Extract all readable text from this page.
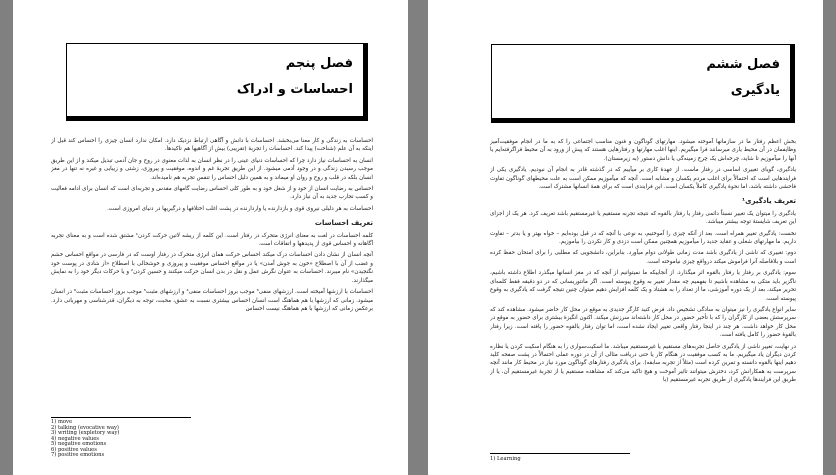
فصل پنجم
احساسات و ادراک

احساسات به زندگی و کار معنا می‌بخشد. احساسات با دانش و آگاهی ارتباط نزدیک دارد. امکان ندارد انسان چیزی را احساس کند قبل از اینکه به آن علم (شناخت) پیدا کند. احساسات را تجربهٔ (تقریبی) بیش از آگاهیها هم تاکید‌ها.

انسان به احساسات نیاز دارد چرا که احساسات دنیای عینی را در نظر انسان به لذات معنوی در روح و جان آدمی تبدیل میکند و از این طریق موجب رسیدن زندگی و در وجود آدمی میشود. از این طریق تجربهٔ غم و اندوه، موفقیت و پیروزی، زشتی و زیبایی و غیره نه تنها در مغز انسان بلکه در قلب و روح و روان او میماند و به همین دلیل احساس را تنفس تجربه هم نامیده‌اند.

احساس به رضایت انسان از خود و از شغل خود و به طور کلی احساس رضایت گامهای مقدس و تجربه‌ای است که انسان برای ادامه فعالیت و کسب تجارب جدید به آن نیاز دارد.

احساسات به هر دلیلی نیروی قوی و بازدارنده یا واردارنده در پشت اغلب اختلافها و درگیریها در دنیای امروزی است.

تعریف احساسات

کلمه احساسات در لغت به معنای انرژی متحرک در رفتار است. این کلمه از ریشه لاتین حرکت کردن¹ مشتق شده است و به معنای تجربه آگاهانه و احساس قوی از پدیدهها و اتفاقات است.

آنچه انسان از نشان دادن احساسات درک میکند احساس حرکت همان انرژی متحرک در رفتار اوست که در فارسی در مواقع احساس خشم و غضب از آن با اصطلاح «خون به جوش آمدن» یا در مواقع احساس موفقیت و پیروزی و خوشحالی با اصطلاح «از شادی در پوست خود نگنجیدن» نام میبرند. احساسات به عنوان نگرش عمل و نقل در بدن انسان حرکت میکنند و حسین کردن² و یا حرکات دیگر خود را به نمایش میگذارند.

احساسات با ارزشها آمیخته است. ارزشهای منفی³ موجب بروز احساسات منفی⁴ و ارزشهای مثبت⁵ موجب بروز احساسات مثبت⁶ در انسان میشود. زمانی که ارزشها با هم هماهنگ است انسان احساس بیشتری نسبت به عشق، محبت، توجه به دیگران، قدرشناسی و مهربانی دارد. برعکس زمانی که ارزشها با هم هماهنگ نیست احساس

1) move
2) talking (evocative way)
3) writing (expletory way)
4) negative values
5) negative emotions
6) positive values
7) positive emotions
فصل ششم
یادگیری

بخش اعظم رفتار ما در سازمانها آموخته میشود. مهارتهای گوناگون و فنون مناسب اجتماعی را که به ما در انجام موفقیت‌آمیز وظایفمان در آن محیط یاری میرسانند فرا میگیریم. اینها اغلب مهارتها و رفتارهایی هستند که پیش از ورود به آن محیط فراگرفته‌ایم یا آنها را میآموزیم تا شاید، چرخه‌اش یک چرخ زمینه‌گی یا دانش دستور (به زیرمستان).

یادگیری، گویای تغییری اساسی در رفتار ماست. از عهدهٔ کاری بر میآییم که در گذشته قادر به انجام آن نبودیم. یادگیری یکی از فرایندهایی است که احتمالاً برای اغلب مردم یکسان و مشابه است. آنچه که میآموزیم ممکن است به علت محیطهای گوناگون تفاوت فاحشی داشته باشد، اما نحوهٔ یادگیری کاملاً یکسان است. این فرایندی است که برای همهٔ انسانها مشترک است.

تعریف یادگیری¹

یادگیری را میتوان یک تغییر نسبتاً دائمی رفتار یا رفتار بالقوه که نتیجه تجربه مستقیم یا غیرمستقیم باشد تعریف کرد. هر یک از اجزای این تعریف شایستهٔ توجه بیشتر میباشد.

نخست: یادگیری تغییر همراه است. بعد از آنکه چیزی را آموختیم، به نوعی با آنچه که در قبل بوده‌ایم – خواه بهتر و یا بدتر – تفاوت داریم. ما مهارتهای شغلی و عقاید جدید را میآموزیم همچنین ممکن است دزدی و کار نکردن را بیاموزیم.

دوم: تغییری که ناشی از یادگیری باشد مدت زمانی طولانی دوام میآورد. بنابراین، دانشجویی که مطلبی را برای امتحان حفظ کرده است و بلافاصله آنرا فراموش میکند درواقع چیزی نیاموخته است.

سوم: یادگیری بر رفتار یا رفتار بالقوه اثر میگذارد. از آنجاییکه ما نمیتوانیم از آنچه که در مغز انسانها میگذرد اطلاع داشته باشیم، ناگزیر باید متکی به مشاهده باشیم تا بفهمیم چه مقدار تغییر به وقوع پیوسته است. اگر مانتوریسانی که در دو دقیقه فقط کلمه‌ای تحریر میکند، بعد از یک دوره آموزشی، ما از تعداد را به هشتاد و یک کلمه افزایش دهیم میتوان چنین نتیجه گرفت که یادگیری به وقوع پیوسته است.

سایر انواع یادگیری را نیز میتوان به سادگی تشخیص داد. فرض کنید کارگر جدیدی به موقع در محل کار حاضر میشود. مشاهده کند که سرپرستش بعضی از کارگران را که با تأخیر حضور در محل کار داشته‌اند سرزنش میکند. اکنون انگیزهٔ بیشتری برای حضور به موقع در محل کار خواهد داشت. هر چند در اینجا رفتار واقعی تغییر ایجاد نشده است، اما توان رفتار بالقوه حضور را یافته است. زیرا رفتار بالقوهٔ حضور را کامل یافته است.

در نهایت، تغییر ناشی از یادگیری حاصل تجربه‌های مستقیم یا غیرمستقیم میباشد. ما اسکیت‌سواری را به هنگام اسکیت کردن یا نظاره کردن دیگران یاد میگیریم. ما به کسب موفقیت در هنگام کار یا حتی دریافت مثالی از آن در دوره عملی احتمالاً در پشت صفحه کلید دهیم اینها بالقوه دانسته و تمرین کرده است (مثلاً از تجربه سابقه). برای یادگیری رفتارهای گوناگون مورد نیاز در محیط کار مانند آنچه سرپرست به همکارانش کرد، دخترش میتوانند تاثیر آموخت و هیچ تاکید می‌کند که مشاهده مستقیم یا از تجربهٔ غیرمستقیم آن، یا از طریق این فرایندها یادگیری از طریق تجربه غیرمستقیم (با

1) Learning
